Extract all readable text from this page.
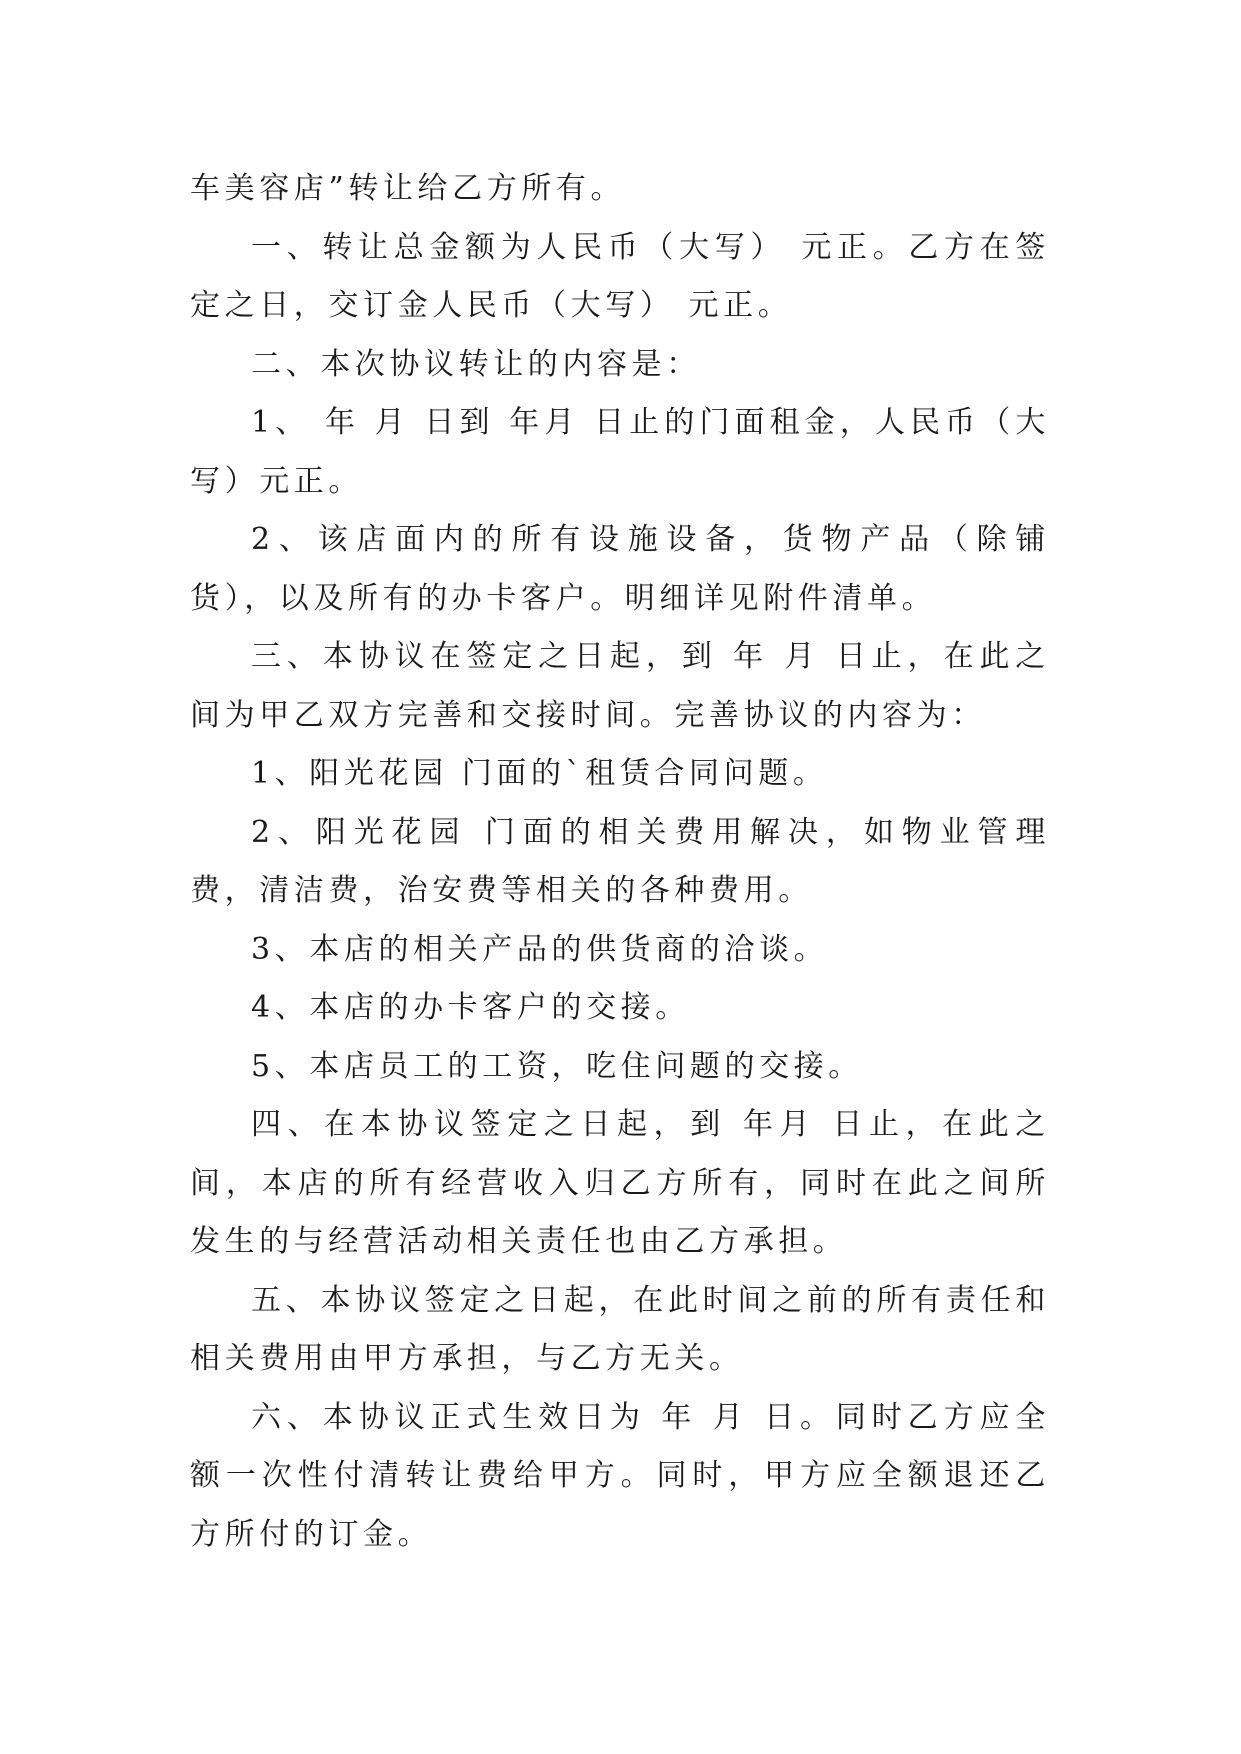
车美容店”转让给乙方所有。

一、转让总金额为人民币（大写） 元正。乙方在签定之日，交订金人民币（大写） 元正。

二、本次协议转让的内容是：

1、 年 月 日到 年月 日止的门面租金，人民币（大写）元正。

2、该店面内的所有设施设备，货物产品（除铺货），以及所有的办卡客户。明细详见附件清单。

三、本协议在签定之日起，到 年 月 日止，在此之间为甲乙双方完善和交接时间。完善协议的内容为：

1、阳光花园 门面的`租赁合同问题。

2、阳光花园 门面的相关费用解决，如物业管理费，清洁费，治安费等相关的各种费用。

3、本店的相关产品的供货商的洽谈。

4、本店的办卡客户的交接。

5、本店员工的工资，吃住问题的交接。

四、在本协议签定之日起，到 年月 日止，在此之间，本店的所有经营收入归乙方所有，同时在此之间所发生的与经营活动相关责任也由乙方承担。

五、本协议签定之日起，在此时间之前的所有责任和相关费用由甲方承担，与乙方无关。

六、本协议正式生效日为 年 月 日。同时乙方应全额一次性付清转让费给甲方。同时，甲方应全额退还乙方所付的订金。
